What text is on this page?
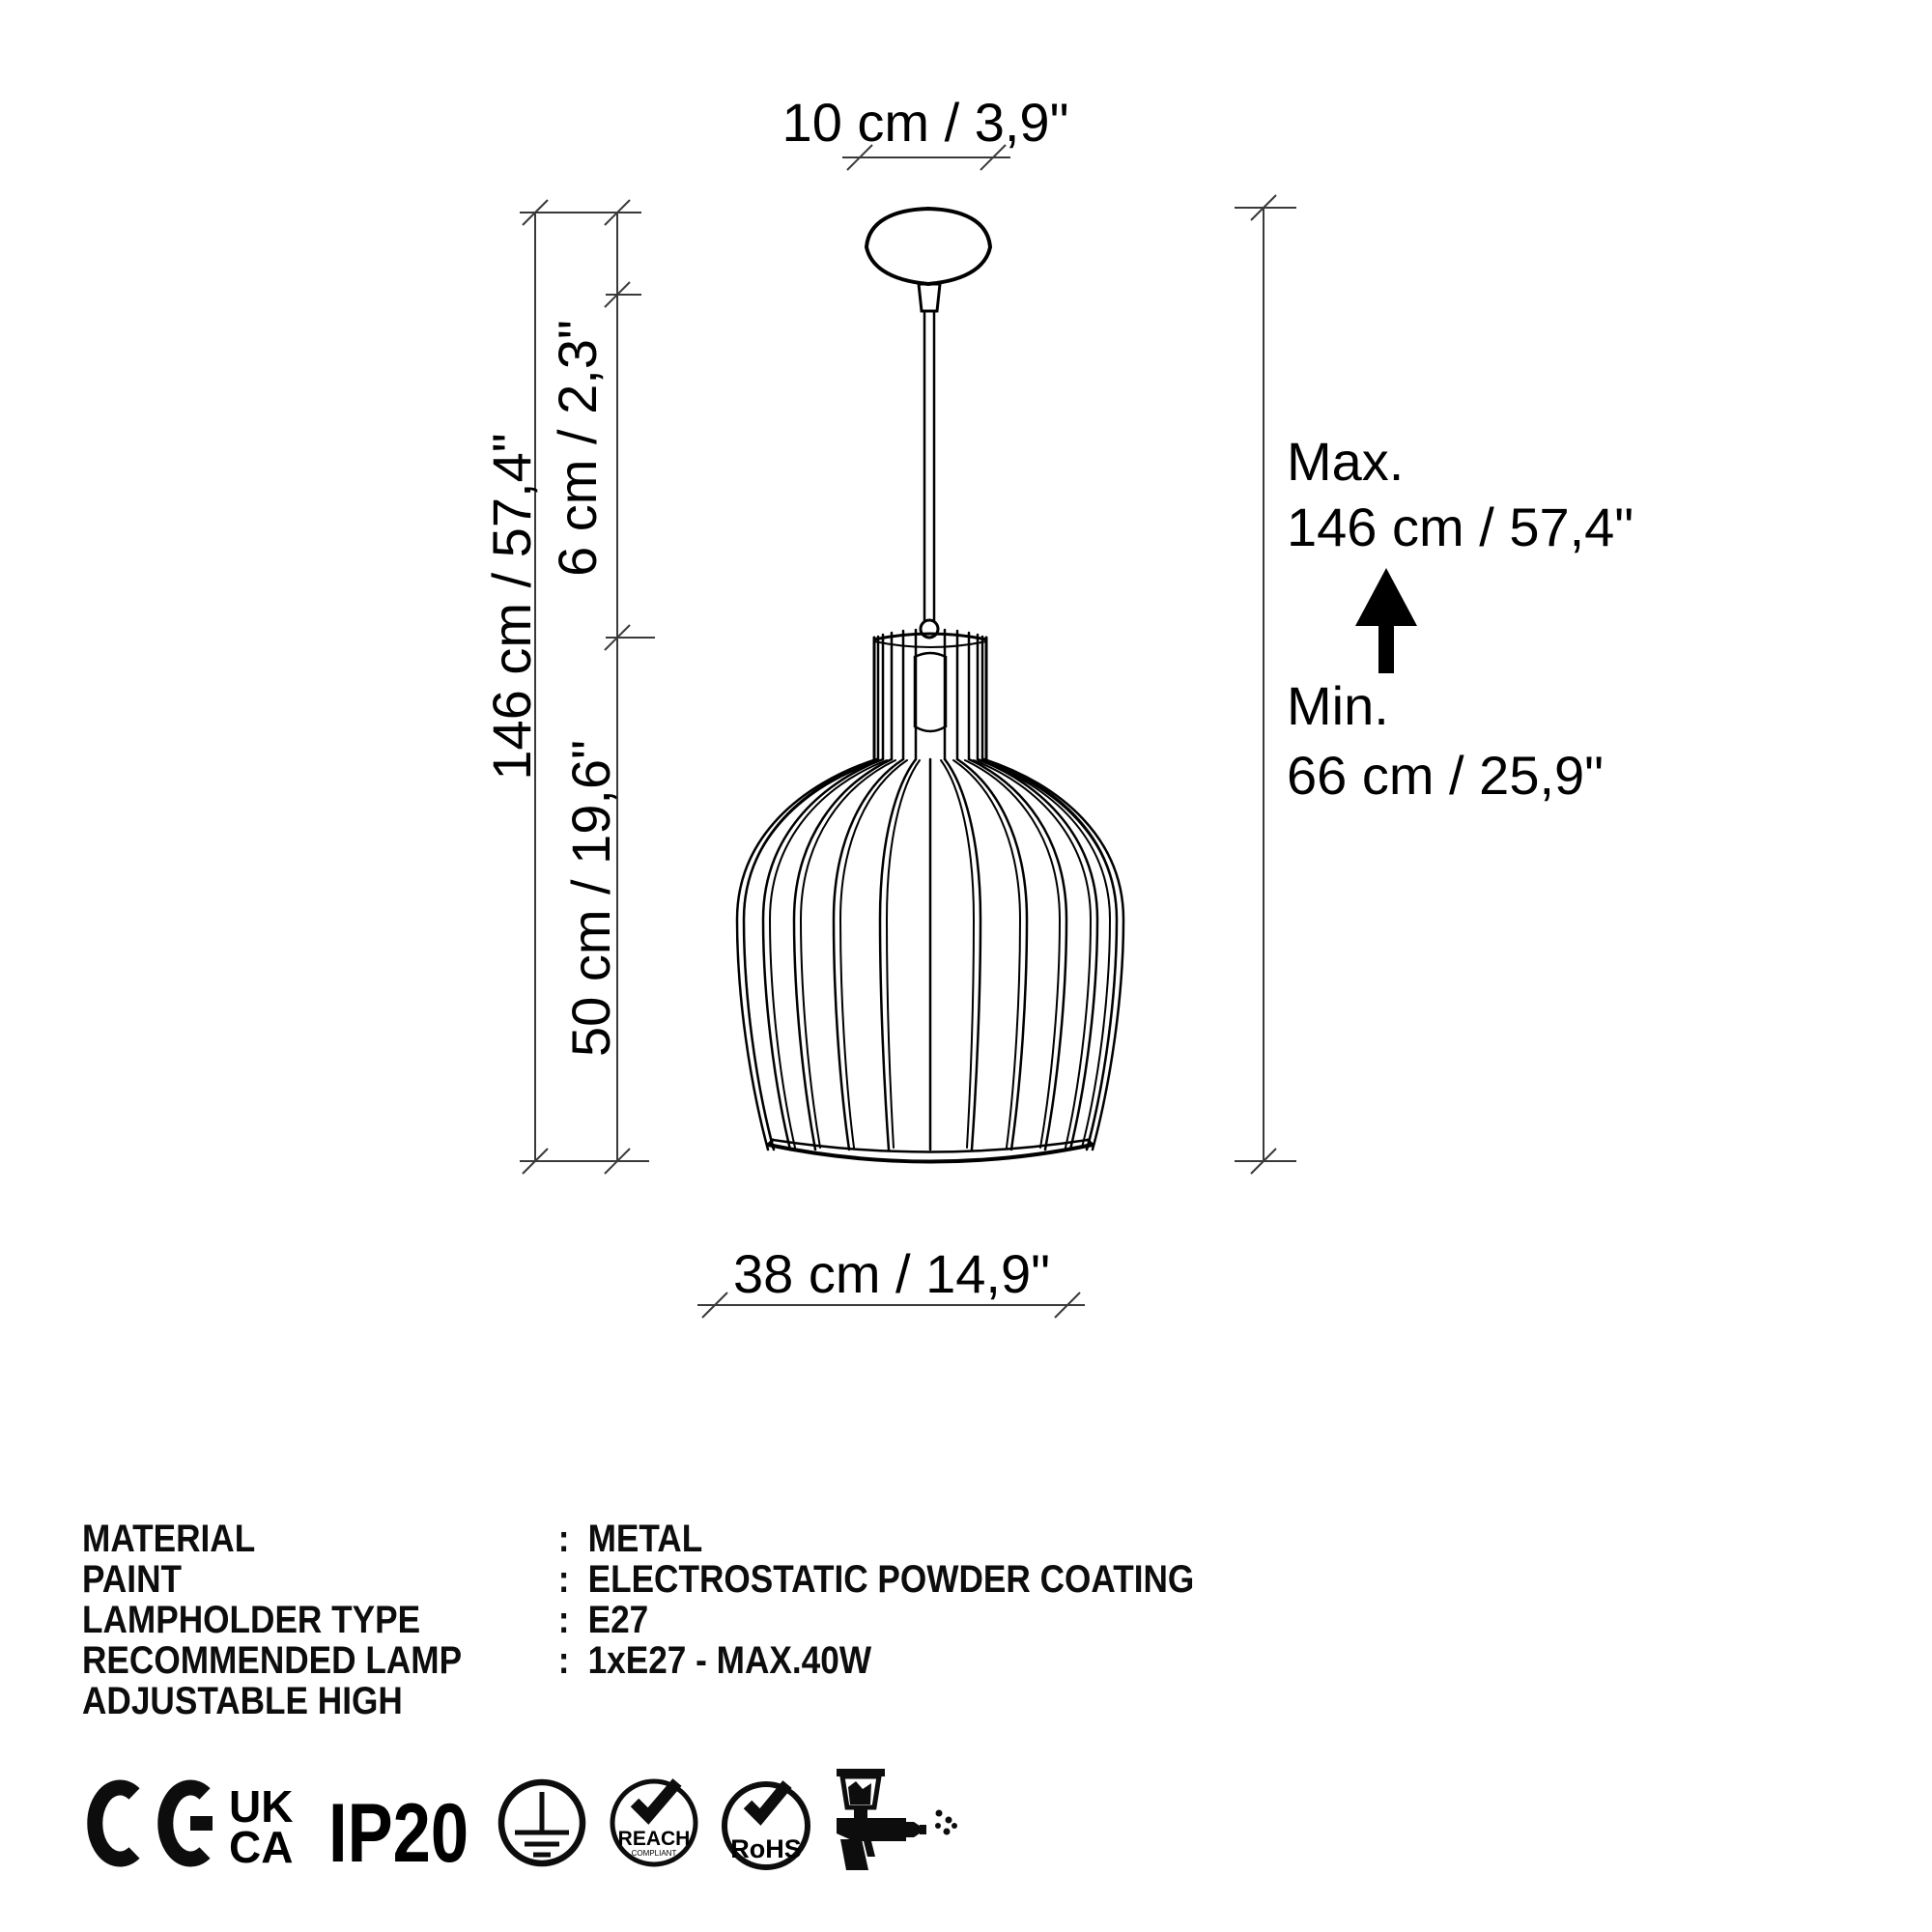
10 cm / 3,9"
146 cm / 57,4" 6 cm / 2,3"
50 cm / 19,6"
38 cm / 14,9"
Max.
146 cm / 57,4"
Min.
66 cm / 25,9"
UK
CA IP20	REACH
COMPLIANT RoHS
MATERIAL	: METAL
PAINT	: ELECTROSTATIC POWDER COATING
LAMPHOLDER TYPE	: E27
RECOMMENDED LAMP	: 1xE27 - MAX.40W
ADJUSTABLE HIGH
